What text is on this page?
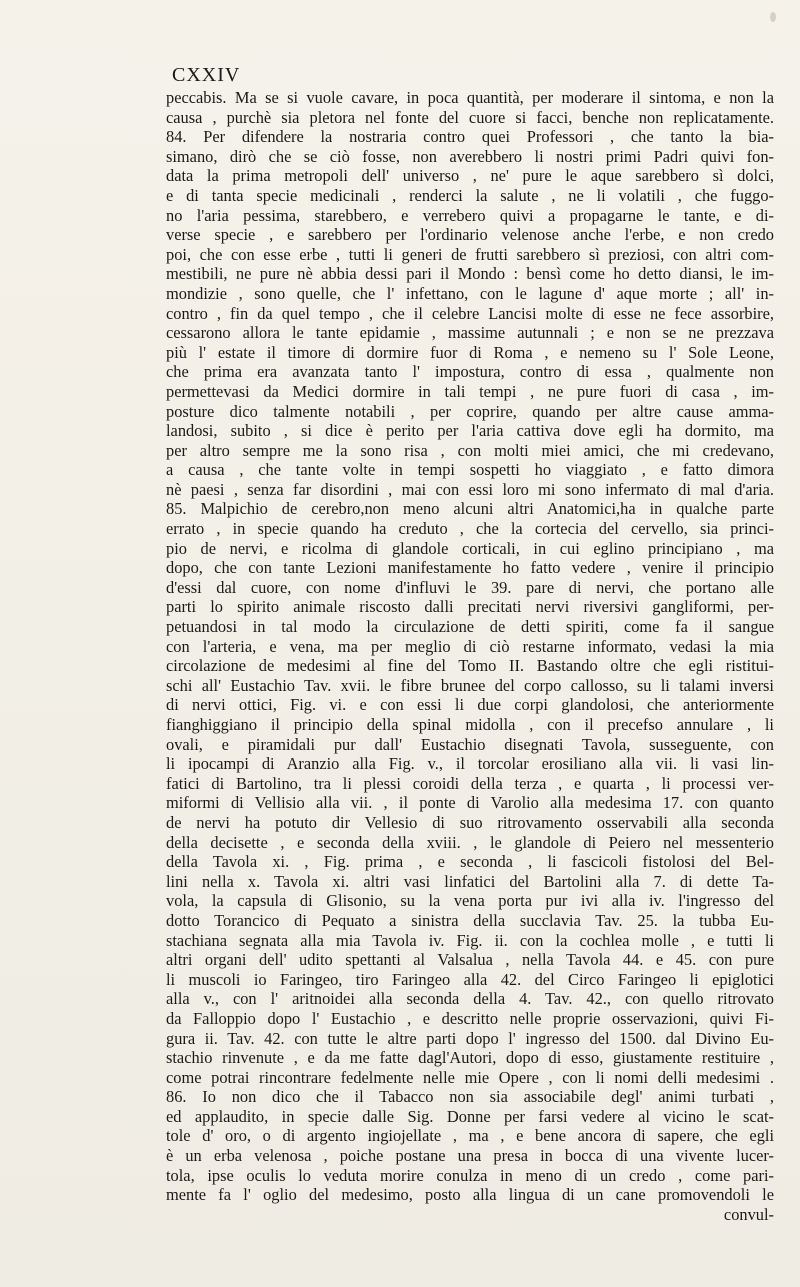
CXXIV
peccabis. Ma se si vuole cavare, in poca quantità, per moderare il sintoma, e non la
causa , purchè sia pletora nel fonte del cuore si facci, benche non replicatamente.
84. Per difendere la nostraria contro quei Professori , che tanto la bia-
simano, dirò che se ciò fosse, non averebbero li nostri primi Padri quivi fon-
data la prima metropoli dell' universo , ne' pure le aque sarebbero sì dolci,
e di tanta specie medicinali , renderci la salute , ne li volatili , che fuggo-
no l'aria pessima, starebbero, e verrebero quivi a propagarne le tante, e di-
verse specie , e sarebbero per l'ordinario velenose anche l'erbe, e non credo
poi, che con esse erbe , tutti li generi de frutti sarebbero sì preziosi, con altri com-
mestibili, ne pure nè abbia dessi pari il Mondo : bensì come ho detto diansi, le im-
mondizie , sono quelle, che l' infettano, con le lagune d' aque morte ; all' in-
contro , fin da quel tempo , che il celebre Lancisi molte di esse ne fece assorbire,
cessarono allora le tante epidamie , massime autunnali ; e non se ne prezzava
più l' estate il timore di dormire fuor di Roma , e nemeno su l' Sole Leone,
che prima era avanzata tanto l' impostura, contro di essa , qualmente non
permettevasi da Medici dormire in tali tempi , ne pure fuori di casa , im-
posture dico talmente notabili , per coprire, quando per altre cause amma-
landosi, subito , si dice è perito per l'aria cattiva dove egli ha dormito, ma
per altro sempre me la sono risa , con molti miei amici, che mi credevano,
a causa , che tante volte in tempi sospetti ho viaggiato , e fatto dimora
nè paesi , senza far disordini , mai con essi loro mi sono infermato di mal d'aria.
85. Malpichio de cerebro,non meno alcuni altri Anatomici,ha in qualche parte
errato , in specie quando ha creduto , che la cortecia del cervello, sia princi-
pio de nervi, e ricolma di glandole corticali, in cui eglino principiano , ma
dopo, che con tante Lezioni manifestamente ho fatto vedere , venire il principio
d'essi dal cuore, con nome d'influvi le 39. pare di nervi, che portano alle
parti lo spirito animale riscosto dalli precitati nervi riversivi gangliformi, per-
petuandosi in tal modo la circulazione de detti spiriti, come fa il sangue
con l'arteria, e vena, ma per meglio di ciò restarne informato, vedasi la mia
circolazione de medesimi al fine del Tomo II. Bastando oltre che egli ristitui-
schi all' Eustachio Tav. xvii. le fibre brunee del corpo callosso, su li talami inversi
di nervi ottici, Fig. vi. e con essi li due corpi glandolosi, che anteriormente
fianghiggiano il principio della spinal midolla , con il precefso annulare , li
ovali, e piramidali pur dall' Eustachio disegnati Tavola, susseguente, con
li ipocampi di Aranzio alla Fig. v., il torcolar erosiliano alla vii. li vasi lin-
fatici di Bartolino, tra li plessi coroidi della terza , e quarta , li processi ver-
miformi di Vellisio alla vii. , il ponte di Varolio alla medesima 17. con quanto
de nervi ha potuto dir Vellesio di suo ritrovamento osservabili alla seconda
della decisette , e seconda della xviii. , le glandole di Peiero nel messenterio
della Tavola xi. , Fig. prima , e seconda , li fascicoli fistolosi del Bel-
lini nella x. Tavola xi. altri vasi linfatici del Bartolini alla 7. di dette Ta-
vola, la capsula di Glisonio, su la vena porta pur ivi alla iv. l'ingresso del
dotto Torancico di Pequato a sinistra della succlavia Tav. 25. la tubba Eu-
stachiana segnata alla mia Tavola iv. Fig. ii. con la cochlea molle , e tutti li
altri organi dell' udito spettanti al Valsalua , nella Tavola 44. e 45. con pure
li muscoli io Faringeo, tiro Faringeo alla 42. del Circo Faringeo li epiglotici
alla v., con l' aritnoidei alla seconda della 4. Tav. 42., con quello ritrovato
da Falloppio dopo l' Eustachio , e descritto nelle proprie osservazioni, quivi Fi-
gura ii. Tav. 42. con tutte le altre parti dopo l' ingresso del 1500. dal Divino Eu-
stachio rinvenute , e da me fatte dagl'Autori, dopo di esso, giustamente restituire ,
come potrai rincontrare fedelmente nelle mie Opere , con li nomi delli medesimi .
86. Io non dico che il Tabacco non sia associabile degl' animi turbati ,
ed applaudito, in specie dalle Sig. Donne per farsi vedere al vicino le scat-
tole d' oro, o di argento ingiojellate , ma , e bene ancora di sapere, che egli
è un erba velenosa , poiche postane una presa in bocca di una vivente lucer-
tola, ipse oculis lo veduta morire conulza in meno di un credo , come pari-
mente fa l' oglio del medesimo, posto alla lingua di un cane promovendoli le
convul-
